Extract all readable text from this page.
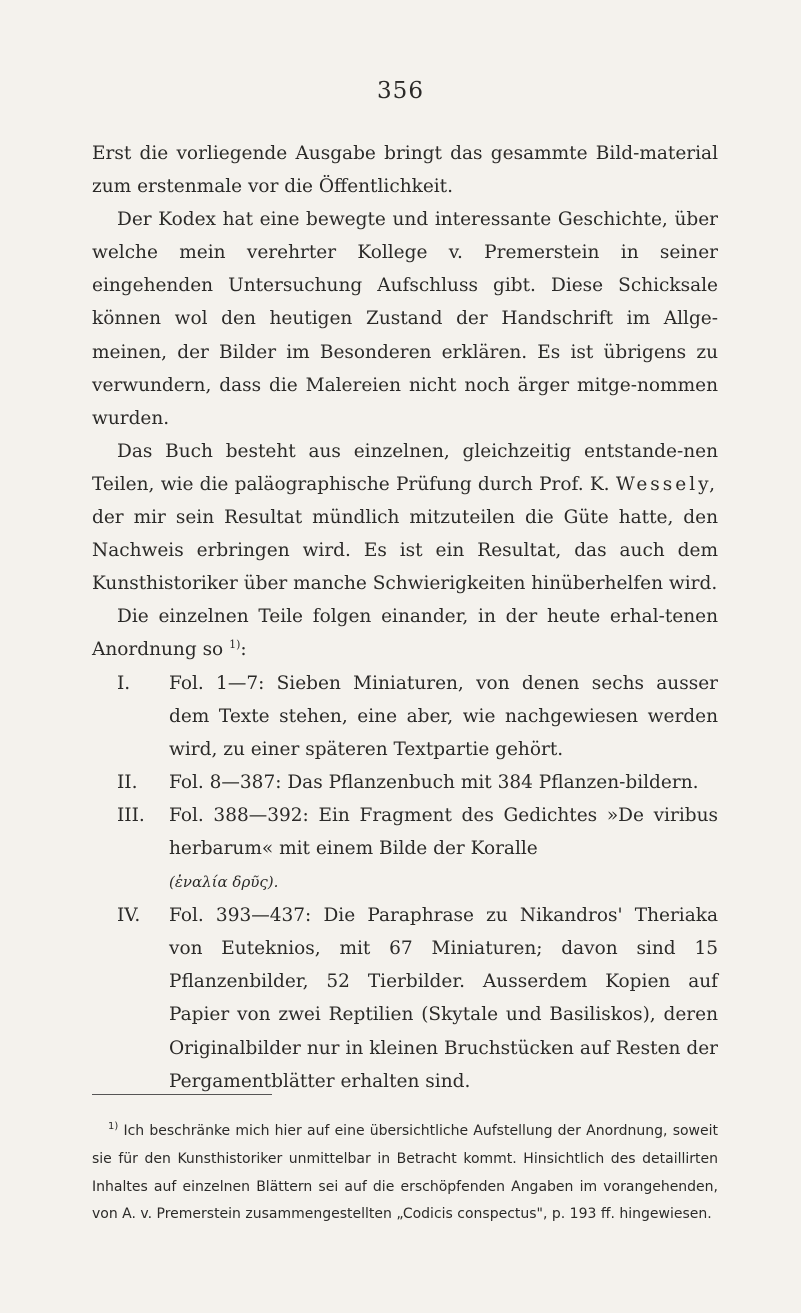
356

Erst die vorliegende Ausgabe bringt das gesammte Bild-material zum erstenmale vor die Öffentlichkeit.

Der Kodex hat eine bewegte und interessante Geschichte, über welche mein verehrter Kollege v. Premerstein in seiner eingehenden Untersuchung Aufschluss gibt. Diese Schicksale können wol den heutigen Zustand der Handschrift im Allge-meinen, der Bilder im Besonderen erklären. Es ist übrigens zu verwundern, dass die Malereien nicht noch ärger mitge-nommen wurden.

Das Buch besteht aus einzelnen, gleichzeitig entstande-nen Teilen, wie die paläographische Prüfung durch Prof. K. Wessely, der mir sein Resultat mündlich mitzuteilen die Güte hatte, den Nachweis erbringen wird. Es ist ein Resultat, das auch dem Kunsthistoriker über manche Schwierigkeiten hinüberhelfen wird.

Die einzelnen Teile folgen einander, in der heute erhal-tenen Anordnung so $^{1)}$:

I.	Fol. 1—7: Sieben Miniaturen, von denen sechs ausser dem Texte stehen, eine aber, wie nachgewiesen werden wird, zu einer späteren Textpartie gehört.
II.	Fol. 8—387: Das Pflanzenbuch mit 384 Pflanzen-bildern.
III.	Fol. 388—392: Ein Fragment des Gedichtes »De viribus herbarum« mit einem Bilde der Koralle
(ἐναλία δρῦς).
IV.	Fol. 393—437: Die Paraphrase zu Nikandros' Theriaka von Euteknios, mit 67 Miniaturen; davon sind 15 Pflanzenbilder, 52 Tierbilder. Ausserdem Kopien auf Papier von zwei Reptilien (Skytale und Basiliskos), deren Originalbilder nur in kleinen Bruchstücken auf Resten der Pergamentblätter erhalten sind.
$^{1)}$ Ich beschränke mich hier auf eine übersichtliche Aufstellung der Anordnung, soweit sie für den Kunsthistoriker unmittelbar in Betracht kommt. Hinsichtlich des detaillirten Inhaltes auf einzelnen Blättern sei auf die erschöpfenden Angaben im vorangehenden, von A. v. Premerstein zusammengestellten „Codicis conspectus", p. 193 ff. hingewiesen.
